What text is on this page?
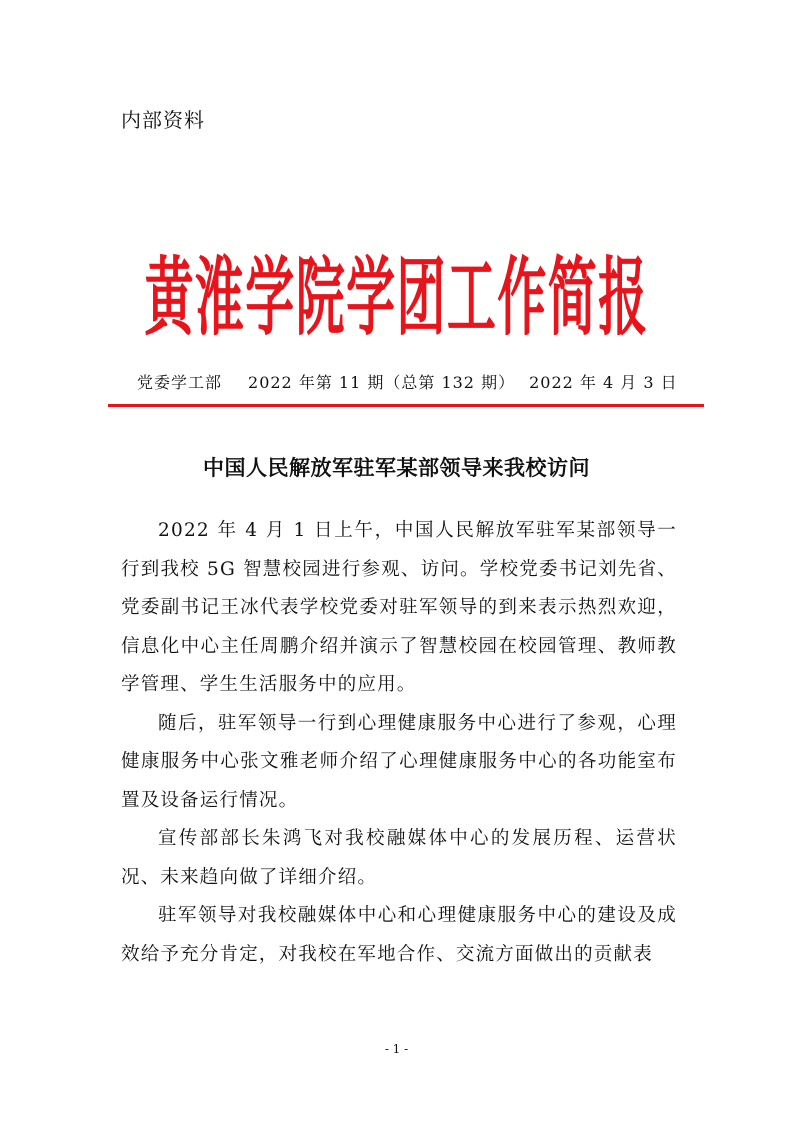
内部资料
黄淮学院学团工作简报
党委学工部 2022 年第 11 期（总第 132 期） 2022 年 4 月 3 日
中国人民解放军驻军某部领导来我校访问

2022 年 4 月 1 日上午，中国人民解放军驻军某部领导一行到我校 5G 智慧校园进行参观、访问。学校党委书记刘先省、党委副书记王冰代表学校党委对驻军领导的到来表示热烈欢迎，信息化中心主任周鹏介绍并演示了智慧校园在校园管理、教师教学管理、学生生活服务中的应用。

随后，驻军领导一行到心理健康服务中心进行了参观，心理健康服务中心张文雅老师介绍了心理健康服务中心的各功能室布置及设备运行情况。

宣传部部长朱鸿飞对我校融媒体中心的发展历程、运营状况、未来趋向做了详细介绍。

驻军领导对我校融媒体中心和心理健康服务中心的建设及成效给予充分肯定，对我校在军地合作、交流方面做出的贡献表

- 1 -
